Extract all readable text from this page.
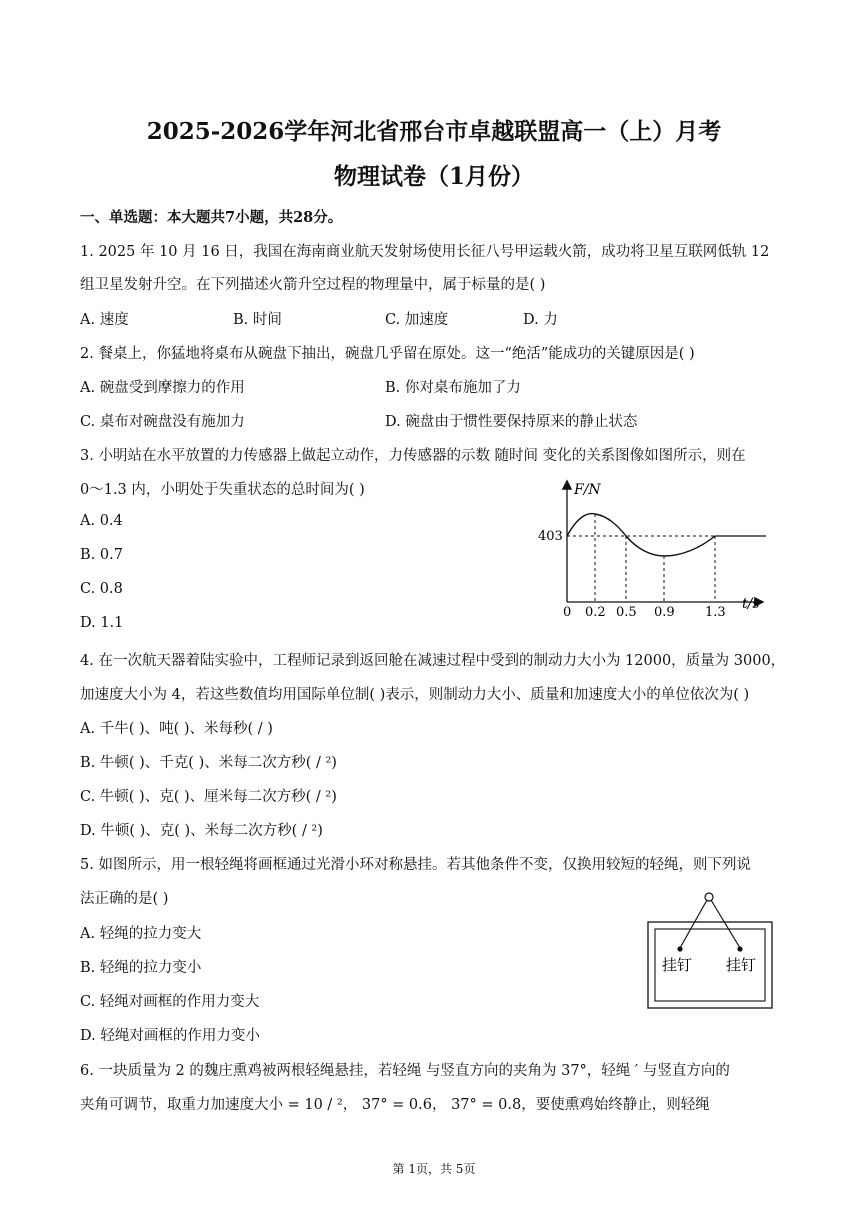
2025-2026学年河北省邢台市卓越联盟高一（上）月考
物理试卷（1月份）
一、单选题：本大题共7小题，共28分。
1. 2025 年 10 月 16 日，我国在海南商业航天发射场使用长征八号甲运载火箭，成功将卫星互联网低轨 12
组卫星发射升空。在下列描述火箭升空过程的物理量中，属于标量的是( )
A. 速度	B. 时间	C. 加速度	D. 力
2. 餐桌上，你猛地将桌布从碗盘下抽出，碗盘几乎留在原处。这一“绝活”能成功的关键原因是( )
A. 碗盘受到摩擦力的作用	B. 你对桌布施加了力
C. 桌布对碗盘没有施加力	D. 碗盘由于惯性要保持原来的静止状态
3. 小明站在水平放置的力传感器上做起立动作，力传感器的示数 随时间 变化的关系图像如图所示，则在
0～1.3 内，小明处于失重状态的总时间为( )
A. 0.4
B. 0.7
C. 0.8
D. 1.1
F/N
t/s
403
0 0.2 0.5 0.9 1.3
4. 在一次航天器着陆实验中，工程师记录到返回舱在减速过程中受到的制动力大小为 12000，质量为 3000，
加速度大小为 4，若这些数值均用国际单位制( )表示，则制动力大小、质量和加速度大小的单位依次为( )
A. 千牛( )、吨( )、米每秒( / )
B. 牛顿( )、千克( )、米每二次方秒( / ²)
C. 牛顿( )、克( )、厘米每二次方秒( / ²)
D. 牛顿( )、克( )、米每二次方秒( / ²)
5. 如图所示，用一根轻绳将画框通过光滑小环对称悬挂。若其他条件不变，仅换用较短的轻绳，则下列说
法正确的是( )
A. 轻绳的拉力变大
B. 轻绳的拉力变小
C. 轻绳对画框的作用力变大
D. 轻绳对画框的作用力变小
挂钉 挂钉
6. 一块质量为 2 的魏庄熏鸡被两根轻绳悬挂，若轻绳 与竖直方向的夹角为 37°，轻绳 ′ 与竖直方向的
夹角可调节，取重力加速度大小 = 10 / ²， 37° = 0.6， 37° = 0.8，要使熏鸡始终静止，则轻绳
第 1页，共 5页
